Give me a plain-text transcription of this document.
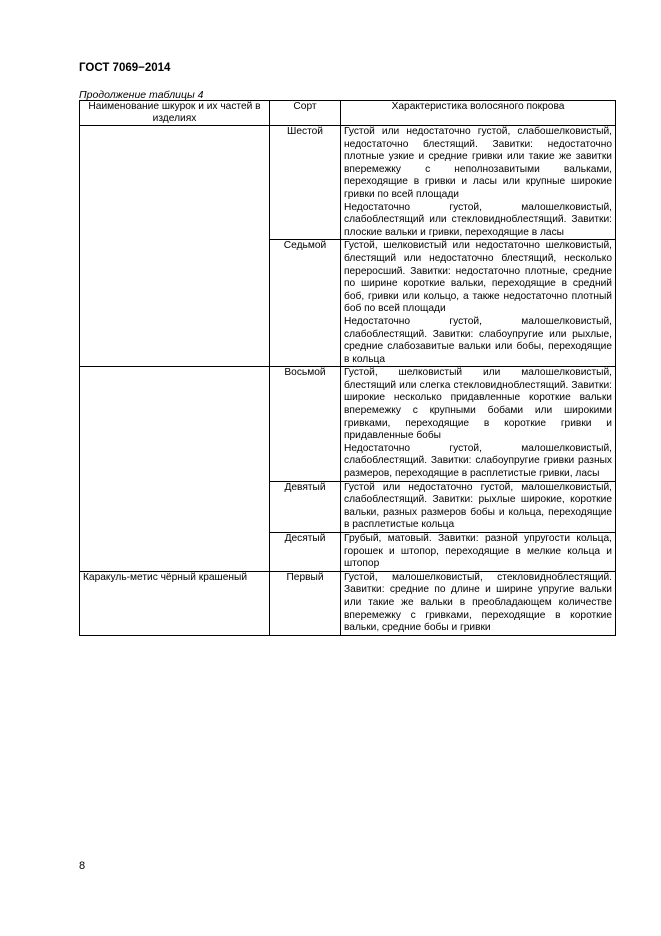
ГОСТ 7069−2014
Продолжение таблицы 4
Наименование шкурок и их частей в изделиях	Сорт	Характеристика волосяного покрова
	Шестой	Густой или недостаточно густой, слабошелковистый, недостаточно блестящий. Завитки: недостаточно плотные узкие и средние гривки или такие же завитки вперемежку с неполнозавитыми вальками, переходящие в гривки и ласы или крупные широкие гривки по всей площади

Недостаточно густой, малошелковистый, слабоблестящий или стекловидноблестящий. Завитки: плоские вальки и гривки, переходящие в ласы

	Седьмой	Густой, шелковистый или недостаточно шелковистый, блестящий или недостаточно блестящий, несколько переросший. Завитки: недостаточно плотные, средние по ширине короткие вальки, переходящие в средний боб, гривки или кольцо, а также недостаточно плотный боб по всей площади

Недостаточно густой, малошелковистый, слабоблестящий. Завитки: слабоупругие или рыхлые, средние слабозавитые вальки или бобы, переходящие в кольца

	Восьмой	Густой, шелковистый или малошелковистый, блестящий или слегка стекловидноблестящий. Завитки: широкие несколько придавленные короткие вальки вперемежку с крупными бобами или широкими гривками, переходящие в короткие гривки и придавленные бобы

Недостаточно густой, малошелковистый, слабоблестящий. Завитки: слабоупругие гривки разных размеров, переходящие в расплетистые гривки, ласы

	Девятый	Густой или недостаточно густой, малошелковистый, слабоблестящий. Завитки: рыхлые широкие, короткие вальки, разных размеров бобы и кольца, переходящие в расплетистые кольца

	Десятый	Грубый, матовый. Завитки: разной упругости кольца, горошек и штопор, переходящие в мелкие кольца и штопор

Каракуль-метис чёрный крашеный	Первый	Густой, малошелковистый, стекловидноблестящий. Завитки: средние по длине и ширине упругие вальки или такие же вальки в преобладающем количестве вперемежку с гривками, переходящие в короткие вальки, средние бобы и гривки

8
